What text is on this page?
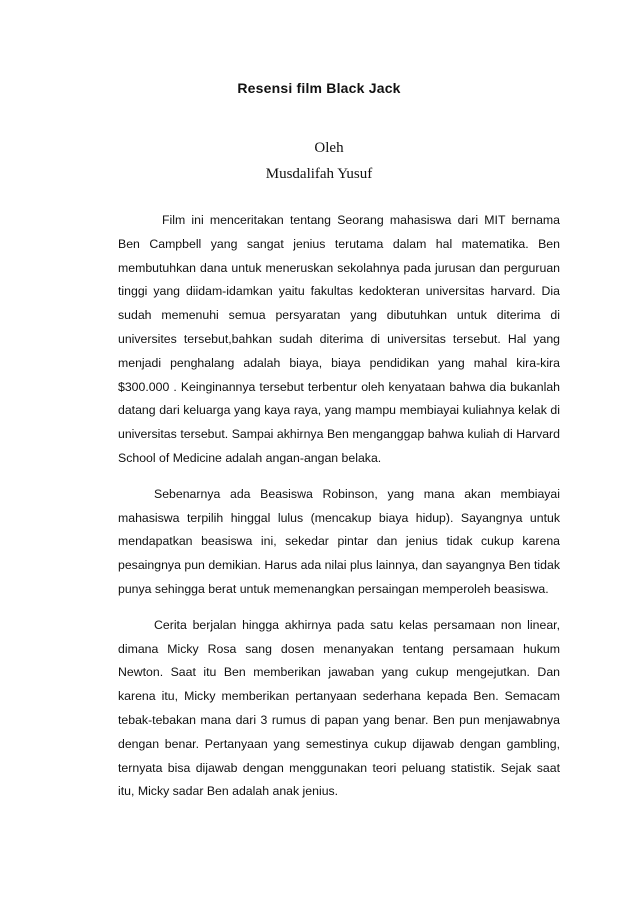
Resensi film Black Jack
Oleh
Musdalifah Yusuf

Film ini menceritakan tentang Seorang mahasiswa dari MIT bernama Ben Campbell yang sangat jenius terutama dalam hal matematika. Ben membutuhkan dana untuk meneruskan sekolahnya pada jurusan dan perguruan tinggi yang diidam-idamkan yaitu fakultas kedokteran universitas harvard. Dia sudah memenuhi semua persyaratan yang dibutuhkan untuk diterima di universites tersebut,bahkan sudah diterima di universitas tersebut. Hal yang menjadi penghalang adalah biaya, biaya pendidikan yang mahal kira-kira $300.000 . Keinginannya tersebut terbentur oleh kenyataan bahwa dia bukanlah datang dari keluarga yang kaya raya, yang mampu membiayai kuliahnya kelak di universitas tersebut. Sampai akhirnya Ben menganggap bahwa kuliah di Harvard School of Medicine adalah angan-angan belaka.

Sebenarnya ada Beasiswa Robinson, yang mana akan membiayai mahasiswa terpilih hinggal lulus (mencakup biaya hidup). Sayangnya untuk mendapatkan beasiswa ini, sekedar pintar dan jenius tidak cukup karena pesaingnya pun demikian. Harus ada nilai plus lainnya, dan sayangnya Ben tidak punya sehingga berat untuk memenangkan persaingan memperoleh beasiswa.

Cerita berjalan hingga akhirnya pada satu kelas persamaan non linear, dimana Micky Rosa sang dosen menanyakan tentang persamaan hukum Newton. Saat itu Ben memberikan jawaban yang cukup mengejutkan. Dan karena itu, Micky memberikan pertanyaan sederhana kepada Ben. Semacam tebak-tebakan mana dari 3 rumus di papan yang benar. Ben pun menjawabnya dengan benar. Pertanyaan yang semestinya cukup dijawab dengan gambling, ternyata bisa dijawab dengan menggunakan teori peluang statistik. Sejak saat itu, Micky sadar Ben adalah anak jenius.
